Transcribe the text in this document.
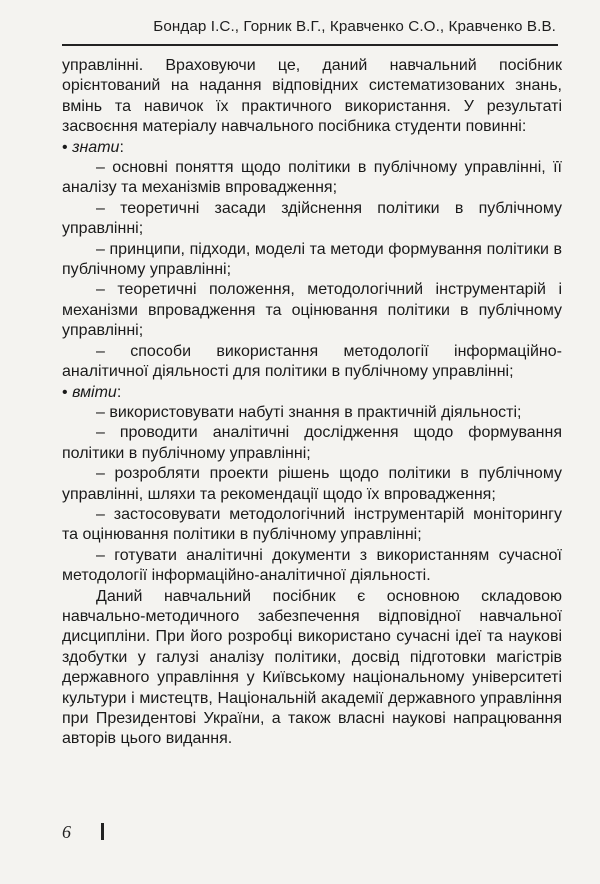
Бондар І.С., Горник В.Г., Кравченко С.О., Кравченко В.В.

управлінні. Враховуючи це, даний навчальний посібник орієнтований на надання відповідних систематизованих знань, вмінь та навичок їх практичного використання. У результаті засвоєння матеріалу навчального посібника студенти повинні:

• знати:

– основні поняття щодо політики в публічному управлінні, її аналізу та механізмів впровадження;

– теоретичні засади здійснення політики в публічному управлінні;

– принципи, підходи, моделі та методи формування політики в публічному управлінні;

– теоретичні положення, методологічний інструментарій і механізми впровадження та оцінювання політики в публічному управлінні;

– способи використання методології інформаційно-аналітичної діяльності для політики в публічному управлінні;

• вміти:

– використовувати набуті знання в практичній діяльності;

– проводити аналітичні дослідження щодо формування політики в публічному управлінні;

– розробляти проекти рішень щодо політики в публічному управлінні, шляхи та рекомендації щодо їх впровадження;

– застосовувати методологічний інструментарій моніторингу та оцінювання політики в публічному управлінні;

– готувати аналітичні документи з використанням сучасної методології інформаційно-аналітичної діяльності.

Даний навчальний посібник є основною складовою навчально-методичного забезпечення відповідної навчальної дисципліни. При його розробці використано сучасні ідеї та наукові здобутки у галузі аналізу політики, досвід підготовки магістрів державного управління у Київському національному університеті культури і мистецтв, Національній академії державного управління при Президентові України, а також власні наукові напрацювання авторів цього видання.

6
